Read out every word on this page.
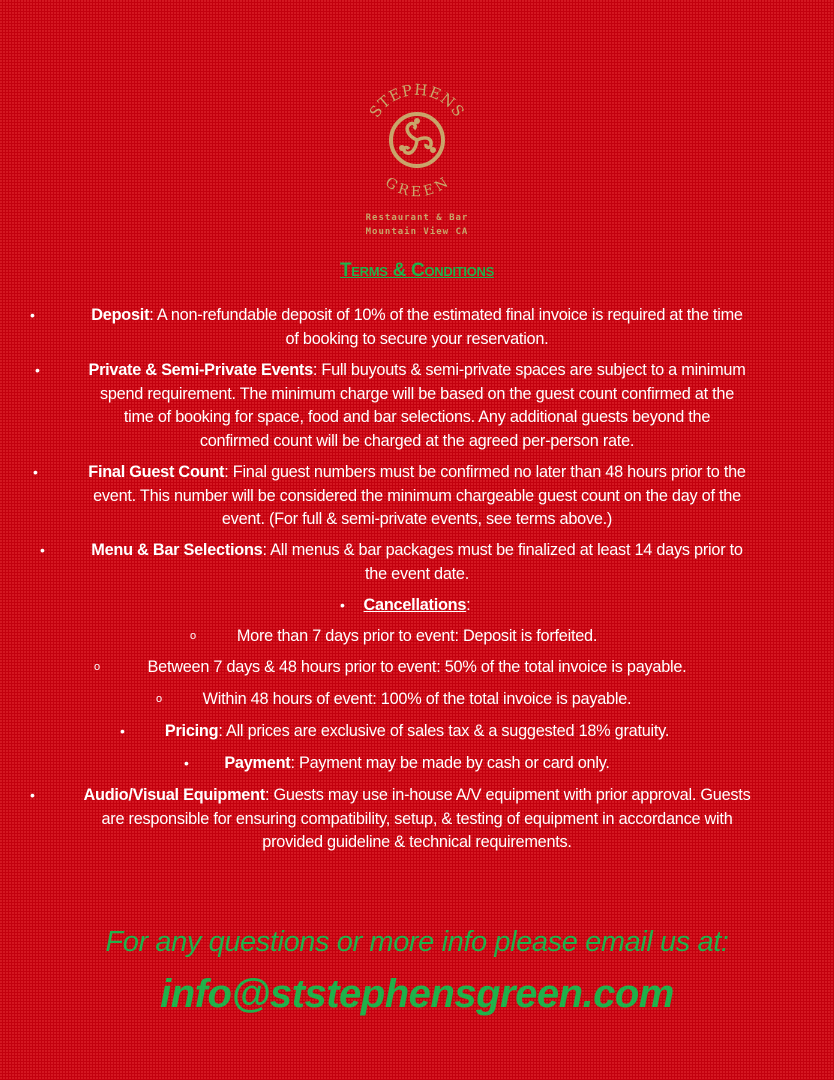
STEPHENS
GREEN
Restaurant & Bar
Mountain View CA
Terms & Conditions
•	Deposit: A non-refundable deposit of 10% of the estimated final invoice is required at the time
of booking to secure your reservation.
•	Private & Semi-Private Events: Full buyouts & semi-private spaces are subject to a minimum
spend requirement. The minimum charge will be based on the guest count confirmed at the
time of booking for space, food and bar selections. Any additional guests beyond the
confirmed count will be charged at the agreed per-person rate.
•	Final Guest Count: Final guest numbers must be confirmed no later than 48 hours prior to the
event. This number will be considered the minimum chargeable guest count on the day of the
event. (For full & semi-private events, see terms above.)
•	Menu & Bar Selections: All menus & bar packages must be finalized at least 14 days prior to
the event date.
•	Cancellations:
o	More than 7 days prior to event: Deposit is forfeited.
o	Between 7 days & 48 hours prior to event: 50% of the total invoice is payable.
o	Within 48 hours of event: 100% of the total invoice is payable.
•	Pricing: All prices are exclusive of sales tax & a suggested 18% gratuity.
•	Payment: Payment may be made by cash or card only.
•	Audio/Visual Equipment: Guests may use in-house A/V equipment with prior approval. Guests
are responsible for ensuring compatibility, setup, & testing of equipment in accordance with
provided guideline & technical requirements.
For any questions or more info please email us at:
info@ststephensgreen.com
